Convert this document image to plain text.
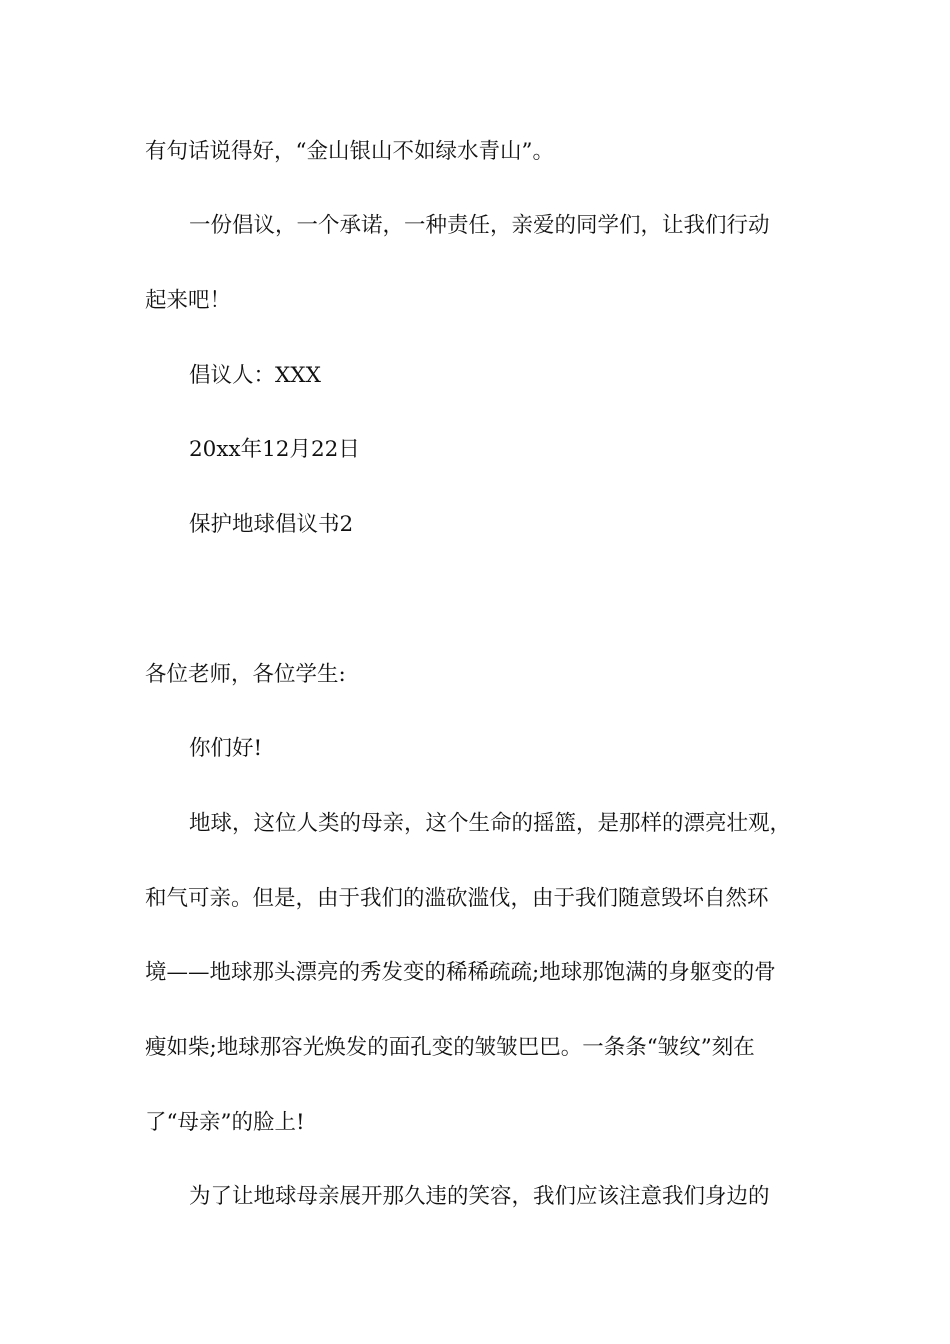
有句话说得好，“金山银山不如绿水青山”。
一份倡议，一个承诺，一种责任，亲爱的同学们，让我们行动
起来吧！
倡议人：XXX
20xx年12月22日
保护地球倡议书2
各位老师，各位学生:
你们好!
地球，这位人类的母亲，这个生命的摇篮，是那样的漂亮壮观，
和气可亲。但是，由于我们的滥砍滥伐，由于我们随意毁坏自然环
境——地球那头漂亮的秀发变的稀稀疏疏;地球那饱满的身躯变的骨
瘦如柴;地球那容光焕发的面孔变的皱皱巴巴。一条条“皱纹”刻在
了“母亲”的脸上!
为了让地球母亲展开那久违的笑容，我们应该注意我们身边的
